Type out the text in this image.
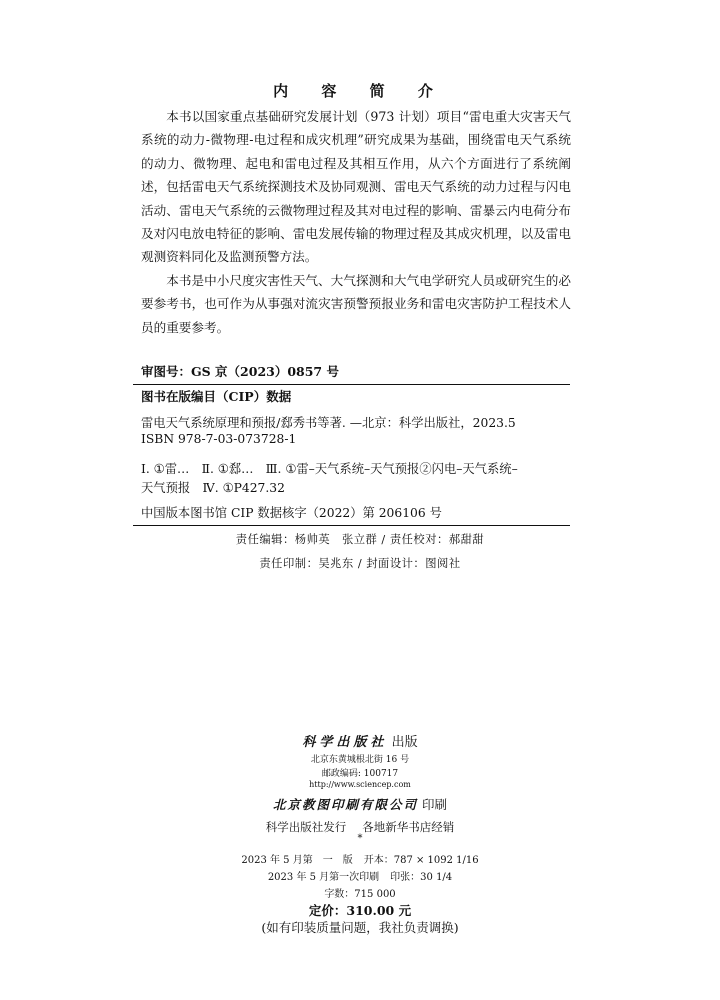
内 容 简 介

本书以国家重点基础研究发展计划（973 计划）项目“雷电重大灾害天气系统的动力-微物理-电过程和成灾机理”研究成果为基础，围绕雷电天气系统的动力、微物理、起电和雷电过程及其相互作用，从六个方面进行了系统阐述，包括雷电天气系统探测技术及协同观测、雷电天气系统的动力过程与闪电活动、雷电天气系统的云微物理过程及其对电过程的影响、雷暴云内电荷分布及对闪电放电特征的影响、雷电发展传输的物理过程及其成灾机理，以及雷电观测资料同化及监测预警方法。

本书是中小尺度灾害性天气、大气探测和大气电学研究人员或研究生的必要参考书，也可作为从事强对流灾害预警预报业务和雷电灾害防护工程技术人员的重要参考。

审图号：GS 京（2023）0857 号
图书在版编目（CIP）数据
雷电天气系统原理和预报/郄秀书等著. —北京：科学出版社，2023.5
ISBN 978-7-03-073728-1
Ⅰ. ①雷…　Ⅱ. ①郄…　Ⅲ. ①雷–天气系统–天气预报②闪电–天气系统–
天气预报　Ⅳ. ①P427.32
中国版本图书馆 CIP 数据核字（2022）第 206106 号
责任编辑：杨帅英　张立群 / 责任校对：郝甜甜
责任印制：吴兆东 / 封面设计：图阅社
科学出版社 出版
北京东黄城根北街 16 号
邮政编码: 100717
http://www.sciencep.com
北京教图印刷有限公司 印刷
科学出版社发行 各地新华书店经销
*
2023 年 5 月第　一　版 开本：787 × 1092 1/16
2023 年 5 月第一次印刷 印张：30 1/4
字数：715 000
定价：310.00 元
(如有印装质量问题，我社负责调换)
